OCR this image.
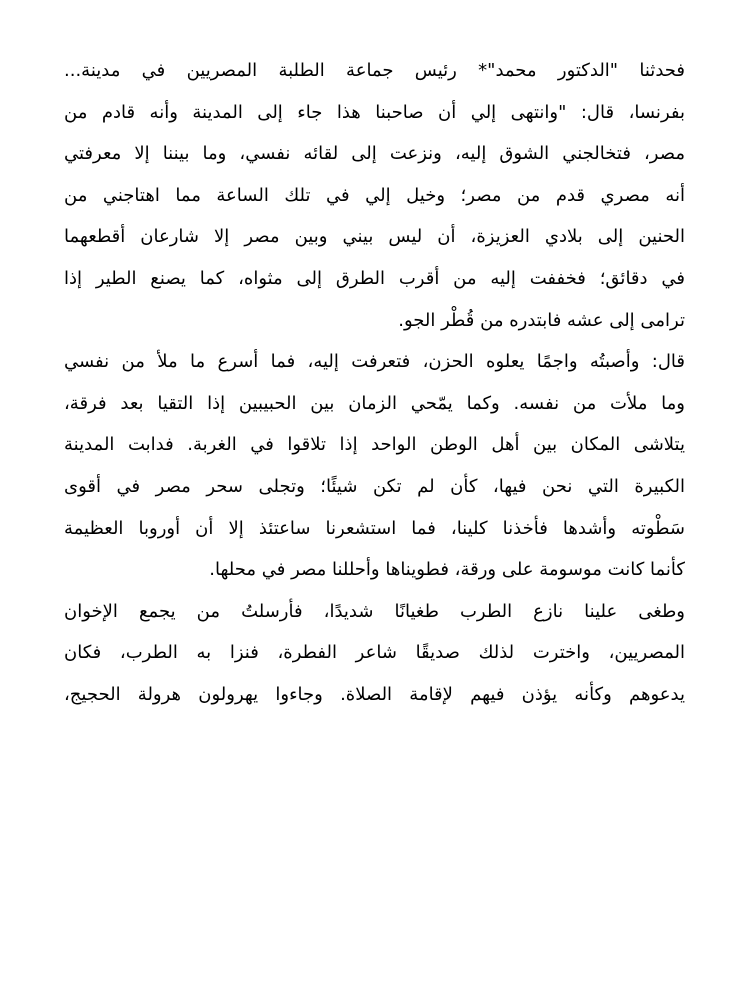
فحدثنا "الدكتور محمد"* رئيس جماعة الطلبة المصريين في مدينة...
بفرنسا، قال: "وانتهى إلي أن صاحبنا هذا جاء إلى المدينة وأنه قادم من
مصر، فتخالجني الشوق إليه، ونزعت إلى لقائه نفسي، وما بيننا إلا معرفتي
أنه مصري قدم من مصر؛ وخيل إلي في تلك الساعة مما اهتاجني من
الحنين إلى بلادي العزيزة، أن ليس بيني وبين مصر إلا شارعان أقطعهما
في دقائق؛ فخففت إليه من أقرب الطرق إلى مثواه، كما يصنع الطير إذا
ترامى إلى عشه فابتدره من قُطْر الجو.
قال: وأصبتُه واجمًا يعلوه الحزن، فتعرفت إليه، فما أسرع ما ملأ من نفسي
وما ملأت من نفسه. وكما يمّحي الزمان بين الحبيبين إذا التقيا بعد فرقة،
يتلاشى المكان بين أهل الوطن الواحد إذا تلاقوا في الغربة. فدابت المدينة
الكبيرة التي نحن فيها، كأن لم تكن شيئًا؛ وتجلى سحر مصر في أقوى
سَطْوته وأشدها فأخذنا كلينا، فما استشعرنا ساعتئذ إلا أن أوروبا العظيمة
كأنما كانت موسومة على ورقة، فطويناها وأحللنا مصر في محلها.
وطغى علينا نازع الطرب طغيانًا شديدًا، فأرسلتُ من يجمع الإخوان
المصريين، واخترت لذلك صديقًا شاعر الفطرة، فنزا به الطرب، فكان
يدعوهم وكأنه يؤذن فيهم لإقامة الصلاة. وجاءوا يهرولون هرولة الحجيج،
